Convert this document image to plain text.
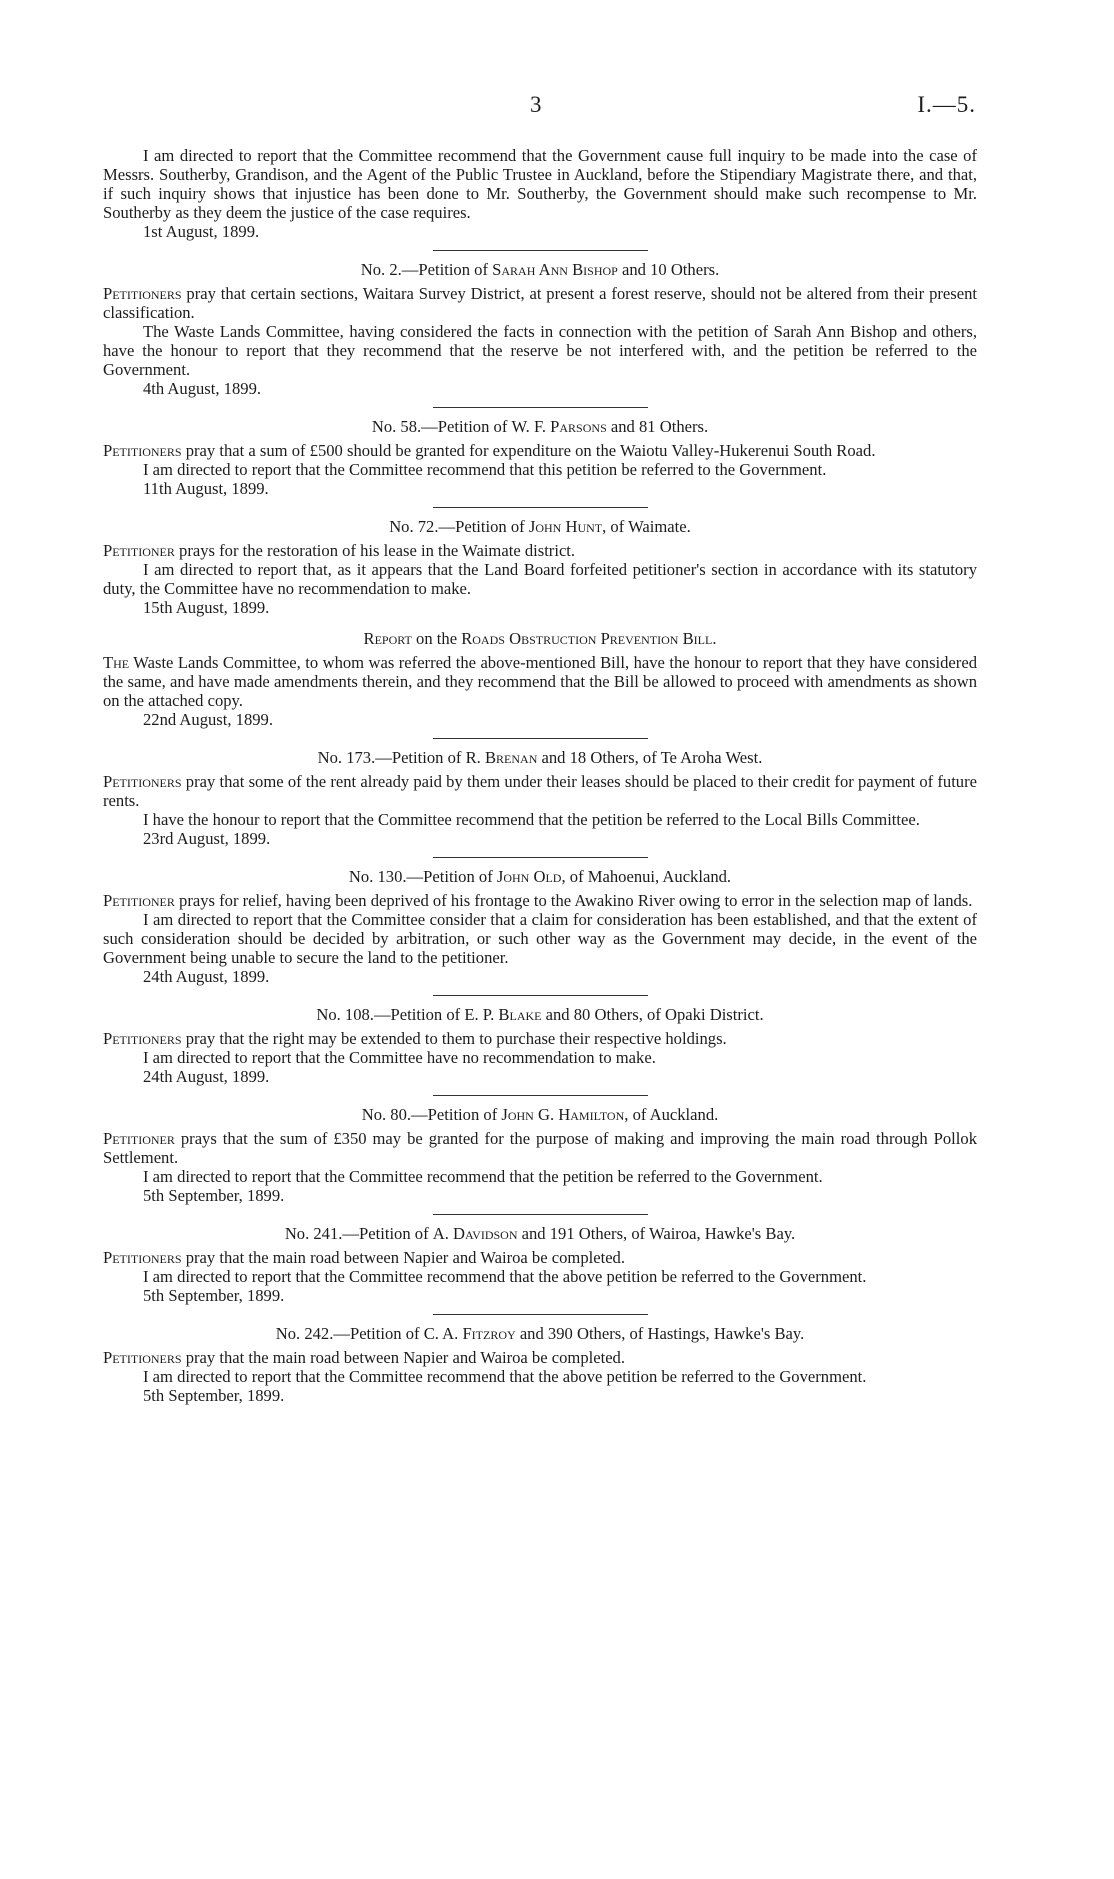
3	I.—5.

I am directed to report that the Committee recommend that the Government cause full inquiry to be made into the case of Messrs. Southerby, Grandison, and the Agent of the Public Trustee in Auckland, before the Stipendiary Magistrate there, and that, if such inquiry shows that injustice has been done to Mr. Southerby, the Government should make such recompense to Mr. Southerby as they deem the justice of the case requires.

1st August, 1899.

No. 2.—Petition of Sarah Ann Bishop and 10 Others.

Petitioners pray that certain sections, Waitara Survey District, at present a forest reserve, should not be altered from their present classification.

The Waste Lands Committee, having considered the facts in connection with the petition of Sarah Ann Bishop and others, have the honour to report that they recommend that the reserve be not interfered with, and the petition be referred to the Government.

4th August, 1899.

No. 58.—Petition of W. F. Parsons and 81 Others.

Petitioners pray that a sum of £500 should be granted for expenditure on the Waiotu Valley-Hukerenui South Road.

I am directed to report that the Committee recommend that this petition be referred to the Government.

11th August, 1899.

No. 72.—Petition of John Hunt, of Waimate.

Petitioner prays for the restoration of his lease in the Waimate district.

I am directed to report that, as it appears that the Land Board forfeited petitioner's section in accordance with its statutory duty, the Committee have no recommendation to make.

15th August, 1899.

Report on the Roads Obstruction Prevention Bill.

The Waste Lands Committee, to whom was referred the above-mentioned Bill, have the honour to report that they have considered the same, and have made amendments therein, and they recommend that the Bill be allowed to proceed with amendments as shown on the attached copy.

22nd August, 1899.

No. 173.—Petition of R. Brenan and 18 Others, of Te Aroha West.

Petitioners pray that some of the rent already paid by them under their leases should be placed to their credit for payment of future rents.

I have the honour to report that the Committee recommend that the petition be referred to the Local Bills Committee.

23rd August, 1899.

No. 130.—Petition of John Old, of Mahoenui, Auckland.

Petitioner prays for relief, having been deprived of his frontage to the Awakino River owing to error in the selection map of lands.

I am directed to report that the Committee consider that a claim for consideration has been established, and that the extent of such consideration should be decided by arbitration, or such other way as the Government may decide, in the event of the Government being unable to secure the land to the petitioner.

24th August, 1899.

No. 108.—Petition of E. P. Blake and 80 Others, of Opaki District.

Petitioners pray that the right may be extended to them to purchase their respective holdings.

I am directed to report that the Committee have no recommendation to make.

24th August, 1899.

No. 80.—Petition of John G. Hamilton, of Auckland.

Petitioner prays that the sum of £350 may be granted for the purpose of making and improving the main road through Pollok Settlement.

I am directed to report that the Committee recommend that the petition be referred to the Government.

5th September, 1899.

No. 241.—Petition of A. Davidson and 191 Others, of Wairoa, Hawke's Bay.

Petitioners pray that the main road between Napier and Wairoa be completed.

I am directed to report that the Committee recommend that the above petition be referred to the Government.

5th September, 1899.

No. 242.—Petition of C. A. Fitzroy and 390 Others, of Hastings, Hawke's Bay.

Petitioners pray that the main road between Napier and Wairoa be completed.

I am directed to report that the Committee recommend that the above petition be referred to the Government.

5th September, 1899.
